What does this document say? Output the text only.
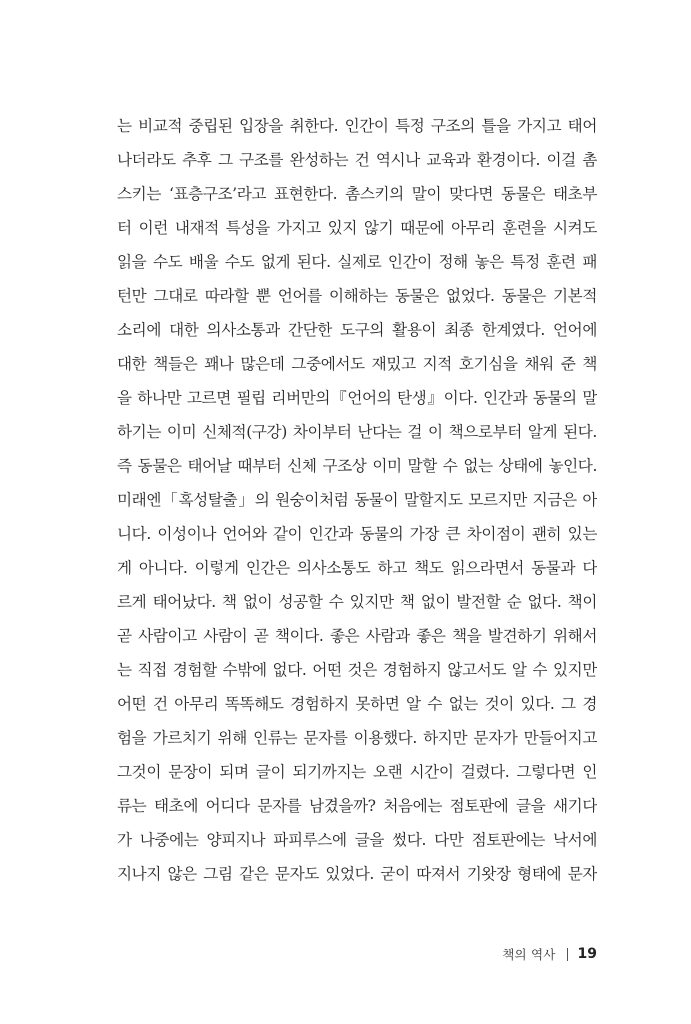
는 비교적 중립된 입장을 취한다. 인간이 특정 구조의 틀을 가지고 태어
나더라도 추후 그 구조를 완성하는 건 역시나 교육과 환경이다. 이걸 촘
스키는 ‘표층구조’라고 표현한다. 촘스키의 말이 맞다면 동물은 태초부
터 이런 내재적 특성을 가지고 있지 않기 때문에 아무리 훈련을 시켜도
읽을 수도 배울 수도 없게 된다. 실제로 인간이 정해 놓은 특정 훈련 패
턴만 그대로 따라할 뿐 언어를 이해하는 동물은 없었다. 동물은 기본적
소리에 대한 의사소통과 간단한 도구의 활용이 최종 한계였다. 언어에
대한 책들은 꽤나 많은데 그중에서도 재밌고 지적 호기심을 채워 준 책
을 하나만 고르면 필립 리버만의『언어의 탄생』이다. 인간과 동물의 말
하기는 이미 신체적(구강) 차이부터 난다는 걸 이 책으로부터 알게 된다.
즉 동물은 태어날 때부터 신체 구조상 이미 말할 수 없는 상태에 놓인다.
미래엔「혹성탈출」의 원숭이처럼 동물이 말할지도 모르지만 지금은 아
니다. 이성이나 언어와 같이 인간과 동물의 가장 큰 차이점이 괜히 있는
게 아니다. 이렇게 인간은 의사소통도 하고 책도 읽으라면서 동물과 다
르게 태어났다. 책 없이 성공할 수 있지만 책 없이 발전할 순 없다. 책이
곧 사람이고 사람이 곧 책이다. 좋은 사람과 좋은 책을 발견하기 위해서
는 직접 경험할 수밖에 없다. 어떤 것은 경험하지 않고서도 알 수 있지만
어떤 건 아무리 똑똑해도 경험하지 못하면 알 수 없는 것이 있다. 그 경
험을 가르치기 위해 인류는 문자를 이용했다. 하지만 문자가 만들어지고
그것이 문장이 되며 글이 되기까지는 오랜 시간이 걸렸다. 그렇다면 인
류는 태초에 어디다 문자를 남겼을까? 처음에는 점토판에 글을 새기다
가 나중에는 양피지나 파피루스에 글을 썼다. 다만 점토판에는 낙서에
지나지 않은 그림 같은 문자도 있었다. 굳이 따져서 기왓장 형태에 문자
책의 역사 19
